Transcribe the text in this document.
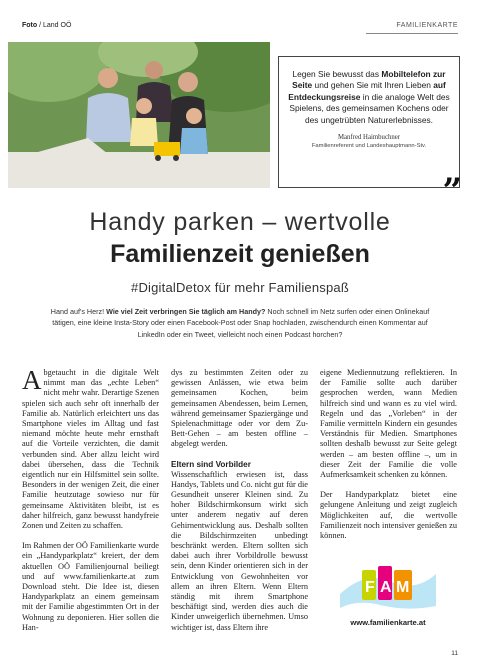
Foto / Land OÖ	FAMILIENKARTE
Legen Sie bewusst das Mobiltelefon zur Seite und gehen Sie mit Ihren Lieben auf Entdeckungsreise in die analoge Welt des Spielens, des gemeinsamen Kochens oder des ungetrübten Naturerlebnisses.
Manfred Haimbuchner
Familienreferent und Landeshauptmann-Stv.
”
Handy parken – wertvolle
Familienzeit genießen
#DigitalDetox für mehr Familienspaß
Hand auf's Herz! Wie viel Zeit verbringen Sie täglich am Handy? Noch schnell im Netz surfen oder einen Onlinekauf tätigen, eine kleine Insta-Story oder einen Facebook-Post oder Snap hochladen, zwischendurch einen Kommentar auf LinkedIn oder ein Tweet, vielleicht noch einen Podcast horchen?

Abgetaucht in die digitale Welt nimmt man das „echte Leben“ nicht mehr wahr. Derartige Szenen spielen sich auch sehr oft innerhalb der Familie ab. Natürlich erleichtert uns das Smartphone vieles im Alltag und fast niemand möchte heute mehr ernsthaft auf die Vorteile verzichten, die damit verbunden sind. Aber allzu leicht wird dabei übersehen, dass die Technik eigentlich nur ein Hilfsmittel sein sollte. Besonders in der wenigen Zeit, die einer Familie heutzutage sowieso nur für gemeinsame Aktivitäten bleibt, ist es daher hilfreich, ganz bewusst handyfreie Zonen und Zeiten zu schaffen.

Im Rahmen der OÖ Familienkarte wurde ein „Handyparkplatz“ kreiert, der dem aktuellen OÖ Familienjournal beiliegt und auf www.familienkarte.at zum Download steht. Die Idee ist, diesen Handyparkplatz an einem gemeinsam mit der Familie abgestimmten Ort in der Wohnung zu deponieren. Hier sollen die Han-

dys zu bestimmten Zeiten oder zu gewissen Anlässen, wie etwa beim gemeinsamen Kochen, beim gemeinsamen Abendessen, beim Lernen, während gemeinsamer Spaziergänge und Spielenachmittage oder vor dem Zu-Bett-Gehen – am besten offline – abgelegt werden.

Eltern sind Vorbilder

Wissenschaftlich erwiesen ist, dass Handys, Tablets und Co. nicht gut für die Gesundheit unserer Kleinen sind. Zu hoher Bildschirmkonsum wirkt sich unter anderem negativ auf deren Gehirnentwicklung aus. Deshalb sollten die Bildschirmzeiten unbedingt beschränkt werden. Eltern sollten sich dabei auch ihrer Vorbildrolle bewusst sein, denn Kinder orientieren sich in der Entwicklung von Gewohnheiten vor allem an ihren Eltern. Wenn Eltern ständig mit ihrem Smartphone beschäftigt sind, werden dies auch die Kinder unweigerlich übernehmen. Umso wichtiger ist, dass Eltern ihre

eigene Mediennutzung reflektieren. In der Familie sollte auch darüber gesprochen werden, wann Medien hilfreich sind und wann es zu viel wird. Regeln und das „Vorleben“ in der Familie vermitteln Kindern ein gesundes Verständnis für Medien. Smartphones sollten deshalb bewusst zur Seite gelegt werden – am besten offline –, um in dieser Zeit der Familie die volle Aufmerksamkeit schenken zu können.

Der Handyparkplatz bietet eine gelungene Anleitung und zeigt zugleich Möglichkeiten auf, die wertvolle Familienzeit noch intensiver genießen zu können.

F A M
www.familienkarte.at
11
